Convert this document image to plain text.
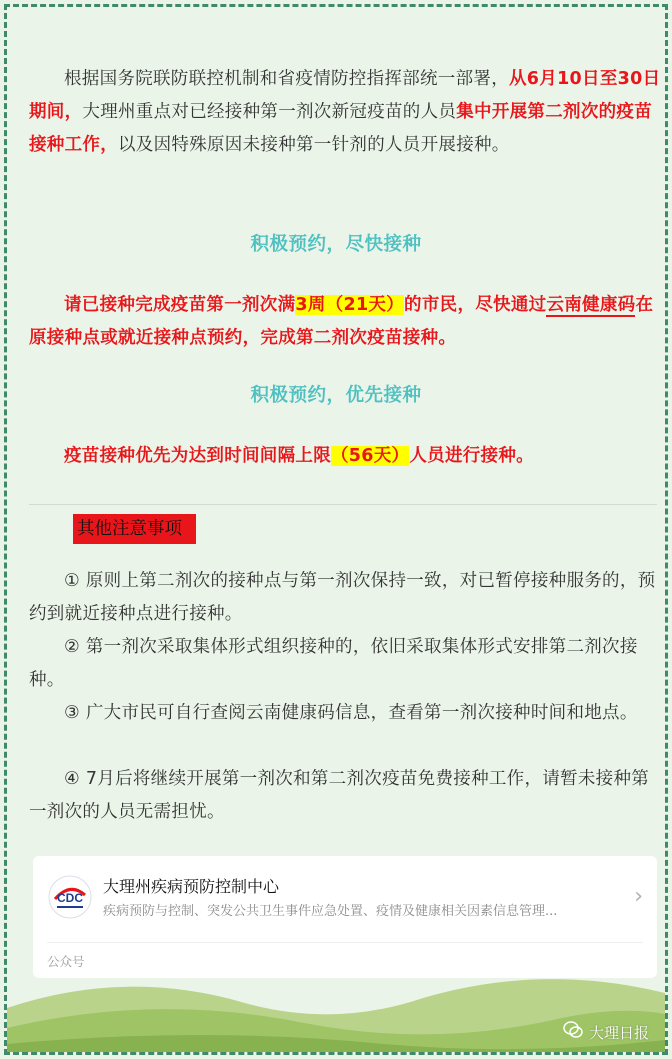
根据国务院联防联控机制和省疫情防控指挥部统一部署，从6月10日至30日期间，大理州重点对已经接种第一剂次新冠疫苗的人员集中开展第二剂次的疫苗接种工作，以及因特殊原因未接种第一针剂的人员开展接种。

积极预约，尽快接种

请已接种完成疫苗第一剂次满3周（21天）的市民，尽快通过云南健康码在原接种点或就近接种点预约，完成第二剂次疫苗接种。

积极预约，优先接种

疫苗接种优先为达到时间间隔上限（56天）人员进行接种。

其他注意事项

① 原则上第二剂次的接种点与第一剂次保持一致，对已暂停接种服务的，预约到就近接种点进行接种。

② 第一剂次采取集体形式组织接种的，依旧采取集体形式安排第二剂次接种。

③ 广大市民可自行查阅云南健康码信息，查看第一剂次接种时间和地点。

④ 7月后将继续开展第一剂次和第二剂次疫苗免费接种工作，请暂未接种第一剂次的人员无需担忧。

CDC
大理州疾病预防控制中心
疾病预防与控制、突发公共卫生事件应急处置、疫情及健康相关因素信息管理...
›
公众号
大理日报
